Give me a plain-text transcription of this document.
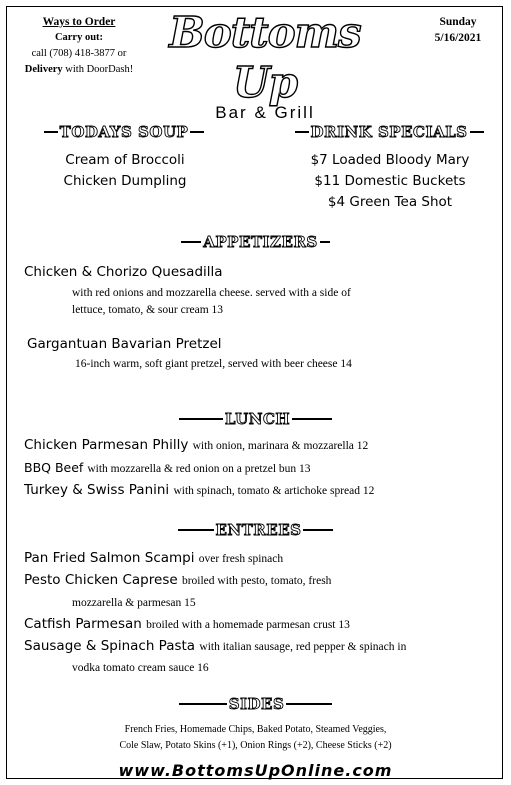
Ways to Order
Carry out:
call (708) 418-3877 or
Delivery with DoorDash!
Bottoms Up
Bar & Grill
Sunday
5/16/2021
TODAYS SOUP
Cream of Broccoli
Chicken Dumpling
DRINK SPECIALS
$7 Loaded Bloody Mary
$11 Domestic Buckets
$4 Green Tea Shot
APPETIZERS
Chicken & Chorizo Quesadilla
with red onions and mozzarella cheese. served with a side of
lettuce, tomato, & sour cream 13
Gargantuan Bavarian Pretzel
16-inch warm, soft giant pretzel, served with beer cheese 14
LUNCH
Chicken Parmesan Philly with onion, marinara & mozzarella 12
BBQ Beef with mozzarella & red onion on a pretzel bun 13
Turkey & Swiss Panini with spinach, tomato & artichoke spread 12
ENTREES
Pan Fried Salmon Scampi over fresh spinach
Pesto Chicken Caprese broiled with pesto, tomato, fresh
mozzarella & parmesan 15
Catfish Parmesan broiled with a homemade parmesan crust 13
Sausage & Spinach Pasta with italian sausage, red pepper & spinach in
vodka tomato cream sauce 16
SIDES
French Fries, Homemade Chips, Baked Potato, Steamed Veggies,
Cole Slaw, Potato Skins (+1), Onion Rings (+2), Cheese Sticks (+2)
www.BottomsUpOnline.com
